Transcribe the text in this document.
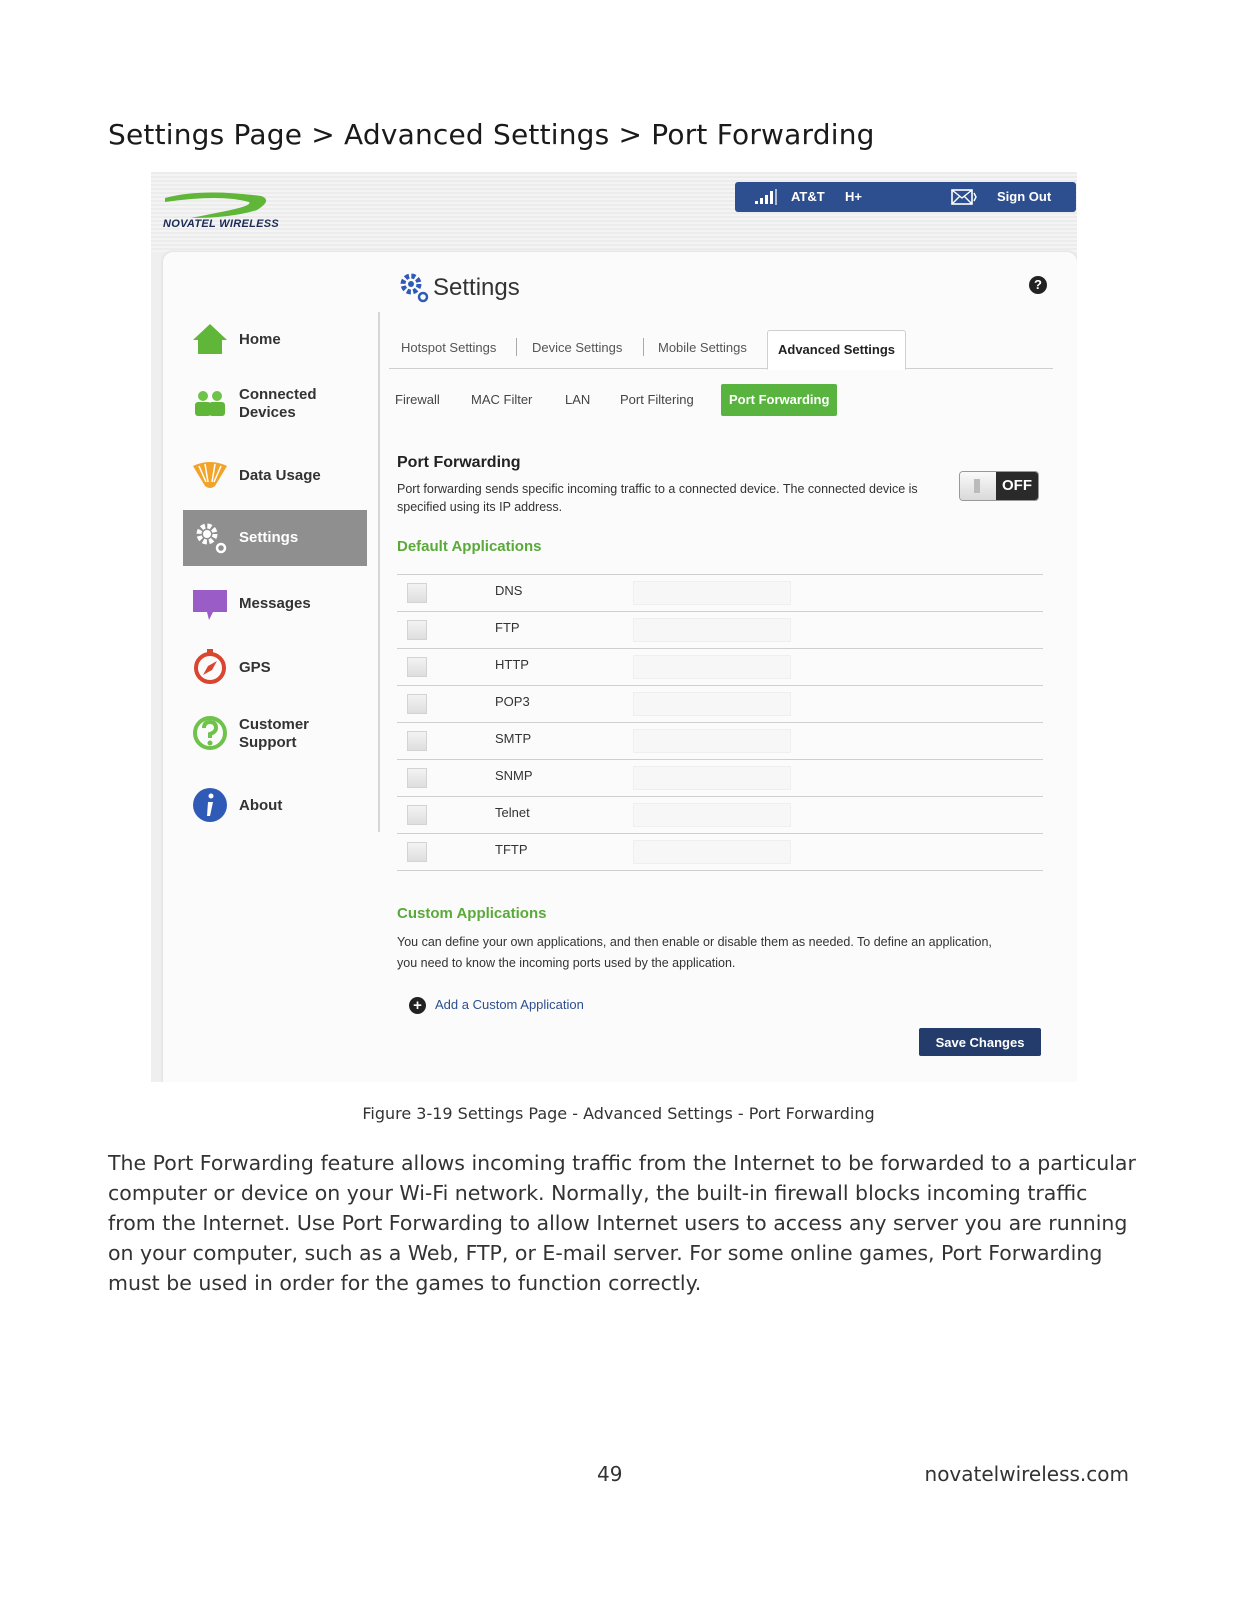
Settings Page > Advanced Settings > Port Forwarding
NOVATEL WIRELESS
AT&T H+	Sign Out
Home
Connected
Devices
Data Usage
Settings
Messages
GPS
Customer
Support
About
Settings	?
Hotspot Settings	Device Settings	Mobile Settings	Advanced Settings
Firewall MAC Filter	LAN Port Filtering	Port Forwarding
Port Forwarding
Port forwarding sends specific incoming traffic to a connected device. The connected device is specified using its IP address.
OFF
Default Applications
DNS
FTP
HTTP
POP3
SMTP
SNMP
Telnet
TFTP
Custom Applications
You can define your own applications, and then enable or disable them as needed. To define an application, you need to know the incoming ports used by the application.
+	Add a Custom Application
Save Changes
Figure 3-19 Settings Page - Advanced Settings - Port Forwarding

The Port Forwarding feature allows incoming traffic from the Internet to be forwarded to a particular computer or device on your Wi-Fi network. Normally, the built-in firewall blocks incoming traffic from the Internet. Use Port Forwarding to allow Internet users to access any server you are running on your computer, such as a Web, FTP, or E-mail server. For some online games, Port Forwarding must be used in order for the games to function correctly.

49	novatelwireless.com
